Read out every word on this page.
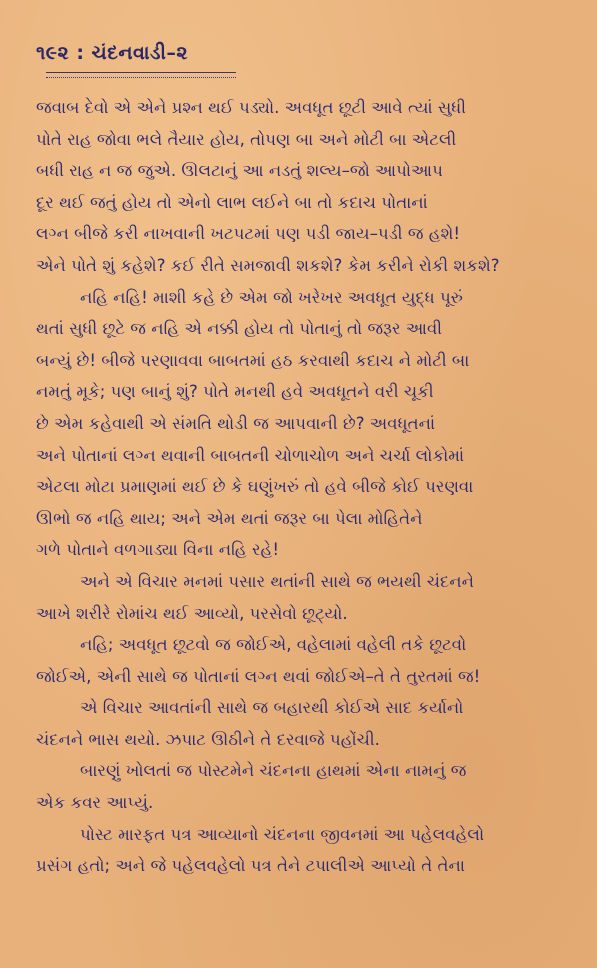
૧૯૨ : ચંદનવાડી–૨
જવાબ દેવો એ એને પ્રશ્ન થઈ પડ્યો. અવધૂત છૂટી આવે ત્યાં સુધી
પોતે રાહ જોવા ભલે તૈયાર હોય, તોપણ બા અને મોટી બા એટલી
બધી રાહ ન જ જુએ. ઊલટાનું આ નડતું શલ્ય–જો આપોઆપ
દૂર થઈ જતું હોય તો એનો લાભ લઈને બા તો કદાચ પોતાનાં
લગ્ન બીજે કરી નાખવાની ખટપટમાં પણ પડી જાય–પડી જ હશે!
એને પોતે શું કહેશે? કઈ રીતે સમજાવી શકશે? કેમ કરીને રોકી શકશે?
નહિ નહિ! માશી કહે છે એમ જો ખરેખર અવધૂત યુદ્ધ પૂરું
થતાં સુધી છૂટે જ નહિ એ નક્કી હોય તો પોતાનું તો જરૂર આવી
બન્યું છે! બીજે પરણાવવા બાબતમાં હઠ કરવાથી કદાચ ને મોટી બા
નમતું મૂકે; પણ બાનું શું? પોતે મનથી હવે અવધૂતને વરી ચૂકી
છે એમ કહેવાથી એ સંમતિ થોડી જ આપવાની છે? અવધૂતનાં
અને પોતાનાં લગ્ન થવાની બાબતની ચોળાચોળ અને ચર્ચા લોકોમાં
એટલા મોટા પ્રમાણમાં થઈ છે કે ઘણુંખરું તો હવે બીજે કોઈ પરણવા
ઊભો જ નહિ થાય; અને એમ થતાં જરૂર બા પેલા મોહિતેને
ગળે પોતાને વળગાડ્યા વિના નહિ રહે!
અને એ વિચાર મનમાં પસાર થતાંની સાથે જ ભયથી ચંદનને
આખે શરીરે રોમાંચ થઈ આવ્યો, પરસેવો છૂટ્યો.
નહિ; અવધૂત છૂટવો જ જોઈએ, વહેલામાં વહેલી તકે છૂટવો
જોઈએ, એની સાથે જ પોતાનાં લગ્ન થવાં જોઈએ–તે તે તુરતમાં જ!
એ વિચાર આવતાંની સાથે જ બહારથી કોઈએ સાદ કર્યાનો
ચંદનને ભાસ થયો. ઝપાટ ઊઠીને તે દરવાજે પહોંચી.
બારણું ખોલતાં જ પોસ્ટમેને ચંદનના હાથમાં એના નામનું જ
એક કવર આપ્યું.
પોસ્ટ મારફત પત્ર આવ્યાનો ચંદનના જીવનમાં આ પહેલવહેલો
પ્રસંગ હતો; અને જે પહેલવહેલો પત્ર તેને ટપાલીએ આપ્યો તે તેના
